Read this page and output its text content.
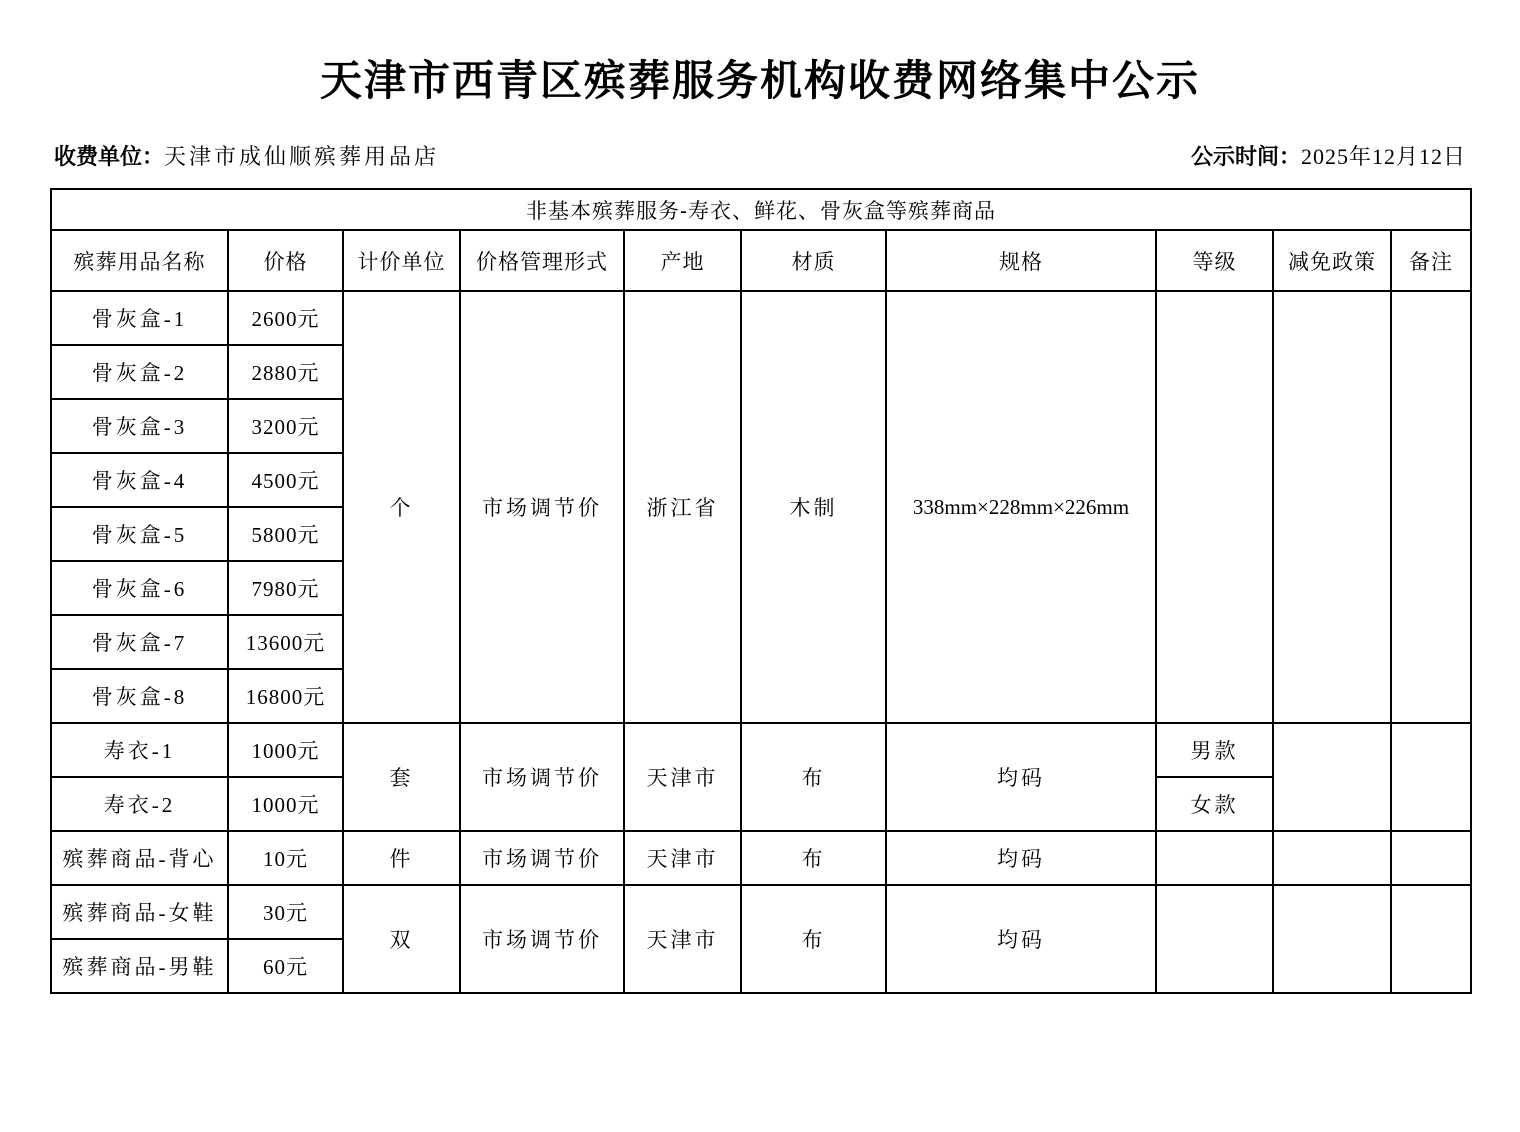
天津市西青区殡葬服务机构收费网络集中公示
收费单位：天津市成仙顺殡葬用品店	公示时间：2025年12月12日
非基本殡葬服务-寿衣、鲜花、骨灰盒等殡葬商品									
殡葬用品名称	价格	计价单位	价格管理形式	产地	材质	规格	等级	减免政策	备注
骨灰盒-1	2600元	个	市场调节价	浙江省	木制	338mm×228mm×226mm			
骨灰盒-2	2880元								
骨灰盒-3	3200元								
骨灰盒-4	4500元								
骨灰盒-5	5800元								
骨灰盒-6	7980元								
骨灰盒-7	13600元								
骨灰盒-8	16800元								
寿衣-1	1000元	套	市场调节价	天津市	布	均码	男款		
寿衣-2	1000元						女款		
殡葬商品-背心	10元	件	市场调节价	天津市	布	均码			
殡葬商品-女鞋	30元	双	市场调节价	天津市	布	均码			
殡葬商品-男鞋	60元								
